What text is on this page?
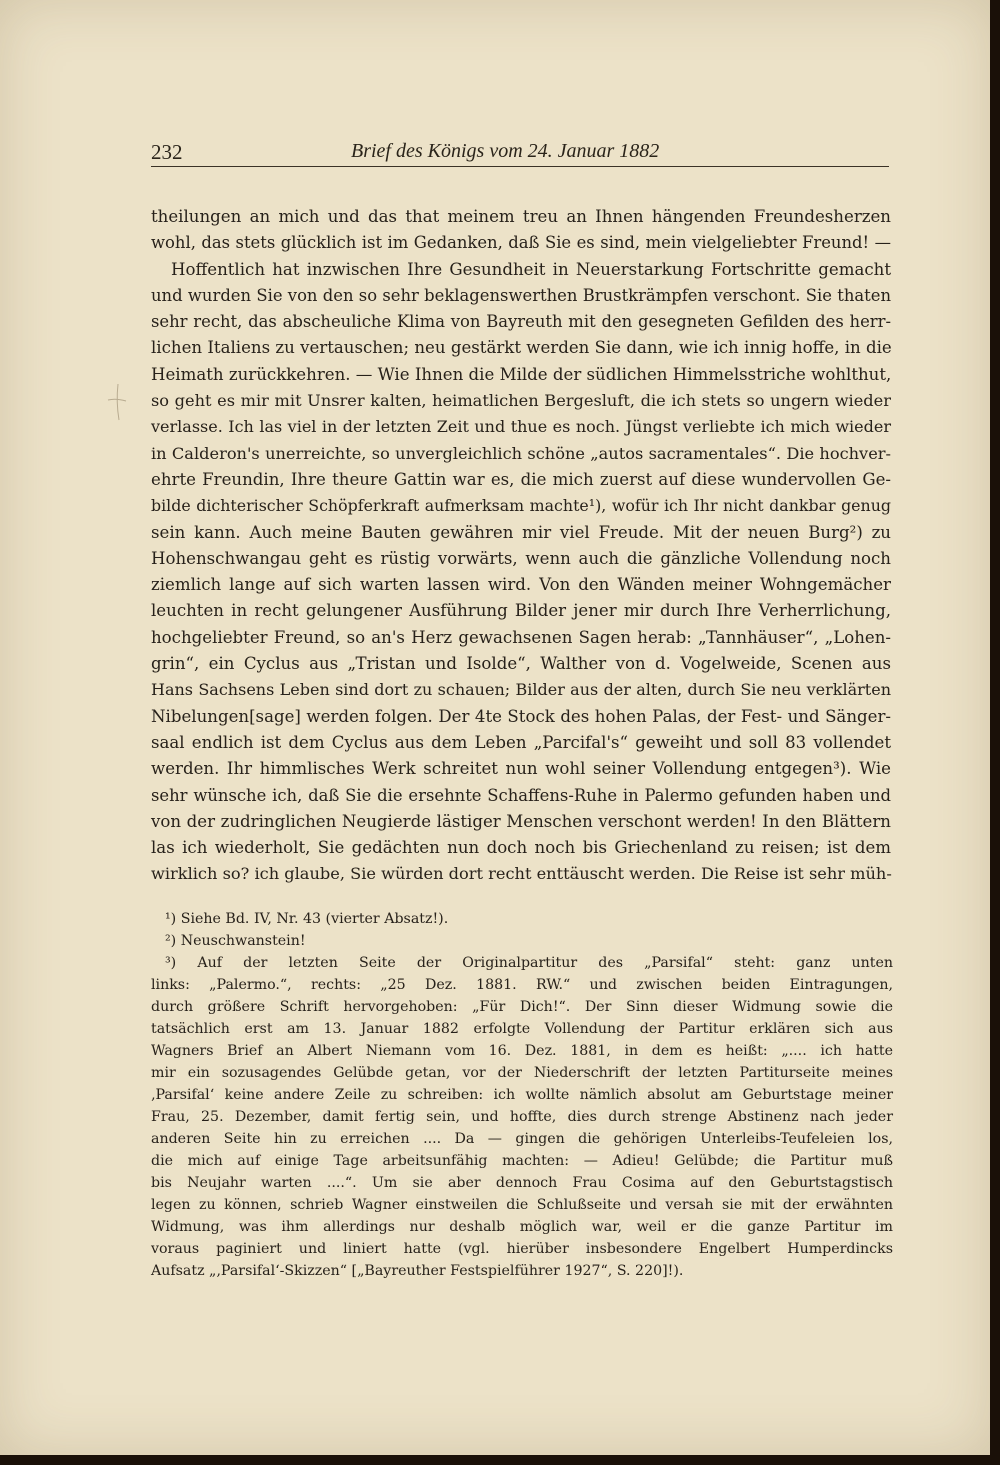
232	Brief des Königs vom 24. Januar 1882
theilungen an mich und das that meinem treu an Ihnen hängenden Freundesherzen
wohl, das stets glücklich ist im Gedanken, daß Sie es sind, mein vielgeliebter Freund! —
Hoffentlich hat inzwischen Ihre Gesundheit in Neuerstarkung Fortschritte gemacht
und wurden Sie von den so sehr beklagenswerthen Brustkrämpfen verschont. Sie thaten
sehr recht, das abscheuliche Klima von Bayreuth mit den gesegneten Gefilden des herr-
lichen Italiens zu vertauschen; neu gestärkt werden Sie dann, wie ich innig hoffe, in die
Heimath zurückkehren. — Wie Ihnen die Milde der südlichen Himmelsstriche wohlthut,
so geht es mir mit Unsrer kalten, heimatlichen Bergesluft, die ich stets so ungern wieder
verlasse. Ich las viel in der letzten Zeit und thue es noch. Jüngst verliebte ich mich wieder
in Calderon's unerreichte, so unvergleichlich schöne „autos sacramentales“. Die hochver-
ehrte Freundin, Ihre theure Gattin war es, die mich zuerst auf diese wundervollen Ge-
bilde dichterischer Schöpferkraft aufmerksam machte¹), wofür ich Ihr nicht dankbar genug
sein kann. Auch meine Bauten gewähren mir viel Freude. Mit der neuen Burg²) zu
Hohenschwangau geht es rüstig vorwärts, wenn auch die gänzliche Vollendung noch
ziemlich lange auf sich warten lassen wird. Von den Wänden meiner Wohngemächer
leuchten in recht gelungener Ausführung Bilder jener mir durch Ihre Verherrlichung,
hochgeliebter Freund, so an's Herz gewachsenen Sagen herab: „Tannhäuser“, „Lohen-
grin“, ein Cyclus aus „Tristan und Isolde“, Walther von d. Vogelweide, Scenen aus
Hans Sachsens Leben sind dort zu schauen; Bilder aus der alten, durch Sie neu verklärten
Nibelungen[sage] werden folgen. Der 4te Stock des hohen Palas, der Fest- und Sänger-
saal endlich ist dem Cyclus aus dem Leben „Parcifal's“ geweiht und soll 83 vollendet
werden. Ihr himmlisches Werk schreitet nun wohl seiner Vollendung entgegen³). Wie
sehr wünsche ich, daß Sie die ersehnte Schaffens-Ruhe in Palermo gefunden haben und
von der zudringlichen Neugierde lästiger Menschen verschont werden! In den Blättern
las ich wiederholt, Sie gedächten nun doch noch bis Griechenland zu reisen; ist dem
wirklich so? ich glaube, Sie würden dort recht enttäuscht werden. Die Reise ist sehr müh-
¹) Siehe Bd. IV, Nr. 43 (vierter Absatz!).
²) Neuschwanstein!
³) Auf der letzten Seite der Originalpartitur des „Parsifal“ steht: ganz unten
links: „Palermo.“, rechts: „25 Dez. 1881. RW.“ und zwischen beiden Eintragungen,
durch größere Schrift hervorgehoben: „Für Dich!“. Der Sinn dieser Widmung sowie die
tatsächlich erst am 13. Januar 1882 erfolgte Vollendung der Partitur erklären sich aus
Wagners Brief an Albert Niemann vom 16. Dez. 1881, in dem es heißt: „.... ich hatte
mir ein sozusagendes Gelübde getan, vor der Niederschrift der letzten Partiturseite meines
‚Parsifal‘ keine andere Zeile zu schreiben: ich wollte nämlich absolut am Geburtstage meiner
Frau, 25. Dezember, damit fertig sein, und hoffte, dies durch strenge Abstinenz nach jeder
anderen Seite hin zu erreichen .... Da — gingen die gehörigen Unterleibs-Teufeleien los,
die mich auf einige Tage arbeitsunfähig machten: — Adieu! Gelübde; die Partitur muß
bis Neujahr warten ....“. Um sie aber dennoch Frau Cosima auf den Geburtstagstisch
legen zu können, schrieb Wagner einstweilen die Schlußseite und versah sie mit der erwähnten
Widmung, was ihm allerdings nur deshalb möglich war, weil er die ganze Partitur im
voraus paginiert und liniert hatte (vgl. hierüber insbesondere Engelbert Humperdincks
Aufsatz „‚Parsifal‘-Skizzen“ [„Bayreuther Festspielführer 1927“, S. 220]!).
